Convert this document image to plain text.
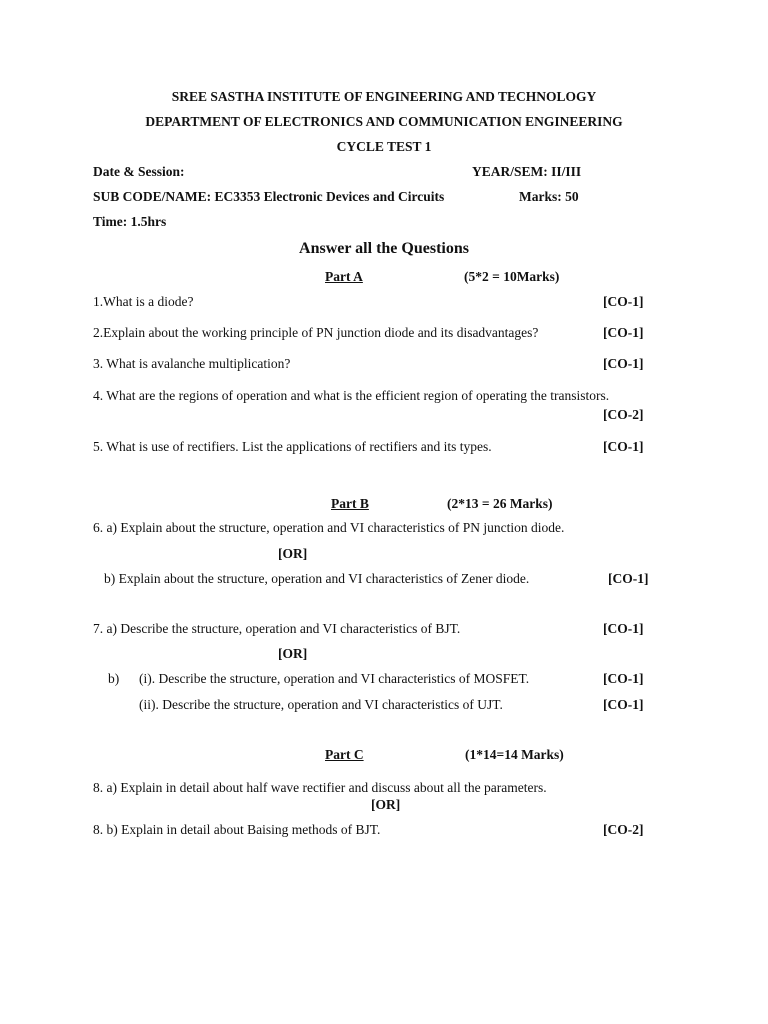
SREE SASTHA INSTITUTE OF ENGINEERING AND TECHNOLOGY
DEPARTMENT OF ELECTRONICS AND COMMUNICATION ENGINEERING
CYCLE TEST 1
Date & Session:	YEAR/SEM: II/III
SUB CODE/NAME: EC3353 Electronic Devices and Circuits	Marks: 50
Time: 1.5hrs
Answer all the Questions
Part A	(5*2 = 10Marks)
1.What is a diode?	[CO-1]
2.Explain about the working principle of PN junction diode and its disadvantages?	[CO-1]
3. What is avalanche multiplication?	[CO-1]
4. What are the regions of operation and what is the efficient region of operating the transistors.
[CO-2]
5. What is use of rectifiers. List the applications of rectifiers and its types.	[CO-1]
Part B	(2*13 = 26 Marks)
6. a) Explain about the structure, operation and VI characteristics of PN junction diode.
[OR]
b) Explain about the structure, operation and VI characteristics of Zener diode.	[CO-1]
7. a) Describe the structure, operation and VI characteristics of BJT.	[CO-1]
[OR]
b) (i). Describe the structure, operation and VI characteristics of MOSFET.	[CO-1]
(ii). Describe the structure, operation and VI characteristics of UJT.	[CO-1]
Part C	(1*14=14 Marks)
8. a) Explain in detail about half wave rectifier and discuss about all the parameters.
[OR]
8. b) Explain in detail about Baising methods of BJT.	[CO-2]
